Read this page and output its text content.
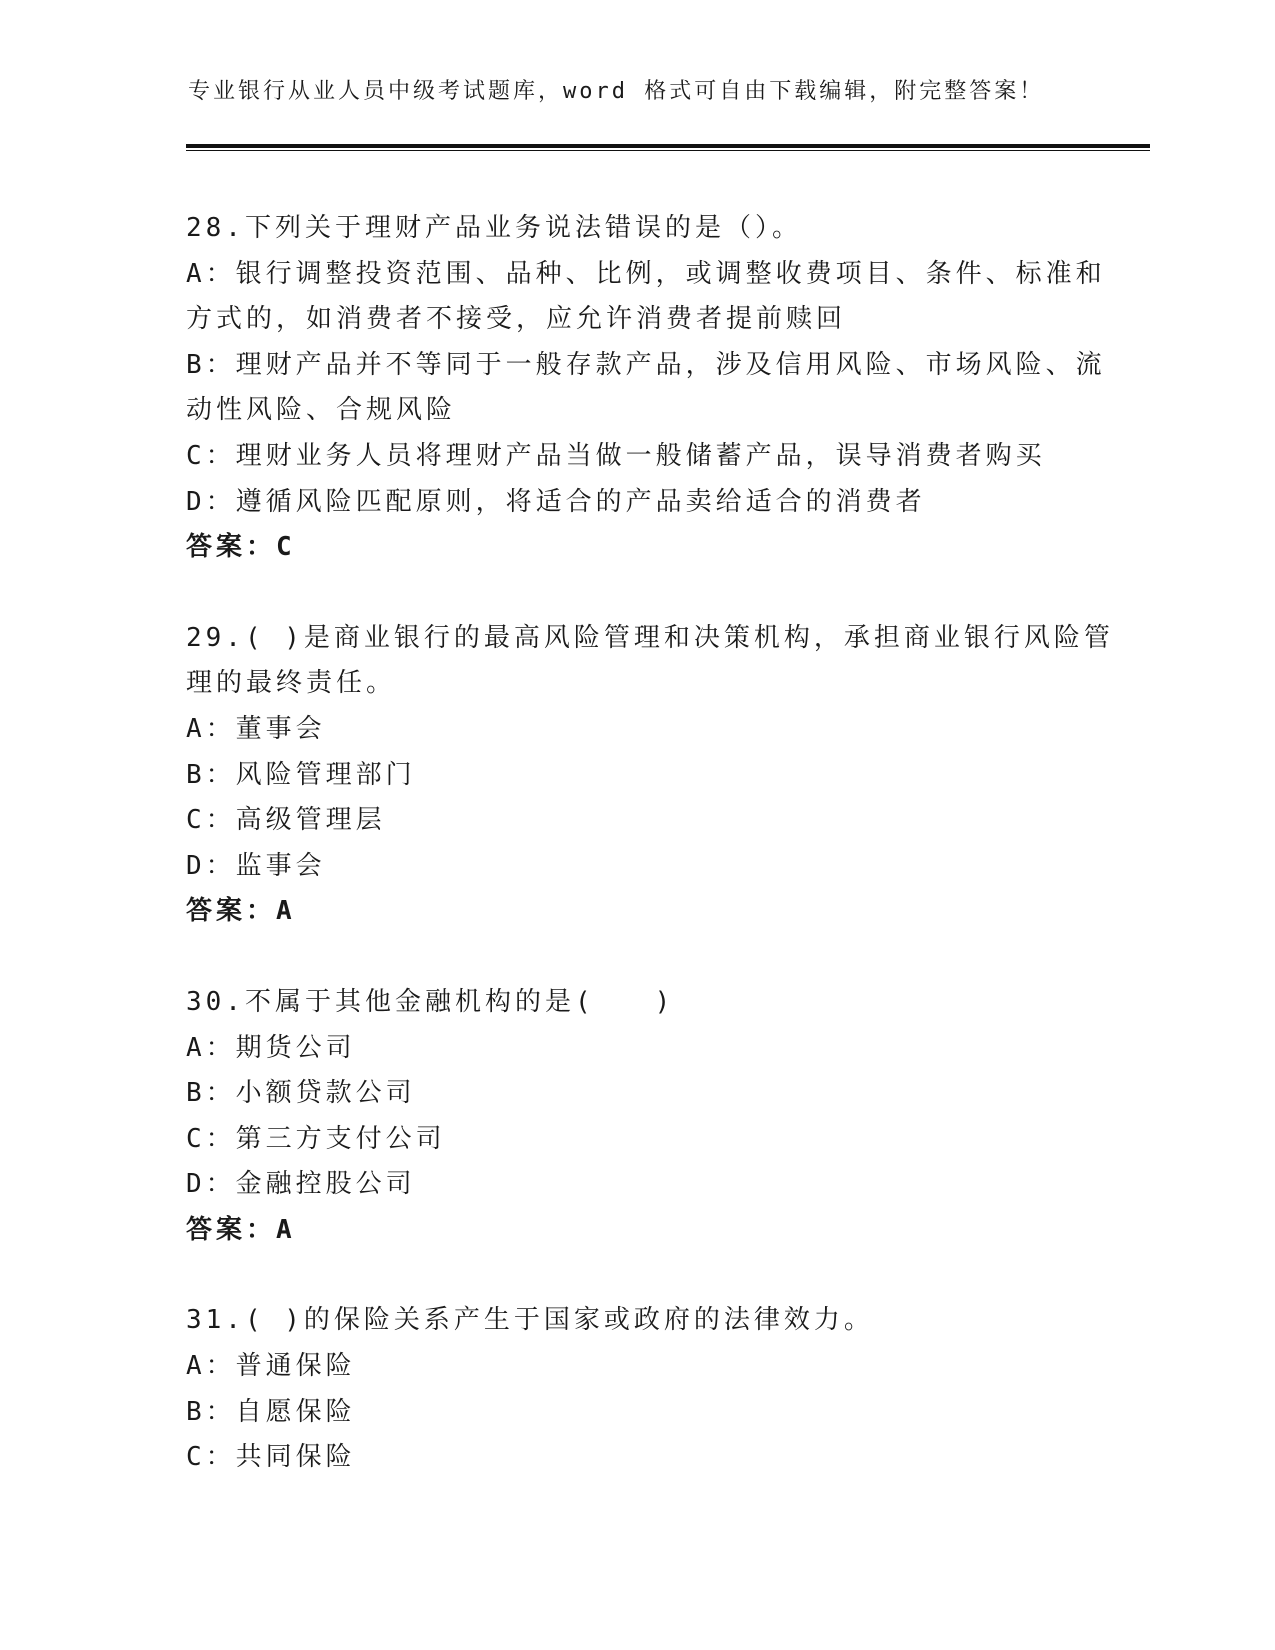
专业银行从业人员中级考试题库，word 格式可自由下载编辑，附完整答案！
28.下列关于理财产品业务说法错误的是（）。
A：银行调整投资范围、品种、比例，或调整收费项目、条件、标准和
方式的，如消费者不接受，应允许消费者提前赎回
B：理财产品并不等同于一般存款产品，涉及信用风险、市场风险、流
动性风险、合规风险
C：理财业务人员将理财产品当做一般储蓄产品，误导消费者购买
D：遵循风险匹配原则，将适合的产品卖给适合的消费者
答案：C
29.( )是商业银行的最高风险管理和决策机构，承担商业银行风险管
理的最终责任。
A：董事会
B：风险管理部门
C：高级管理层
D：监事会
答案：A
30.不属于其他金融机构的是(　　)
A：期货公司
B：小额贷款公司
C：第三方支付公司
D：金融控股公司
答案：A
31.( )的保险关系产生于国家或政府的法律效力。
A：普通保险
B：自愿保险
C：共同保险
